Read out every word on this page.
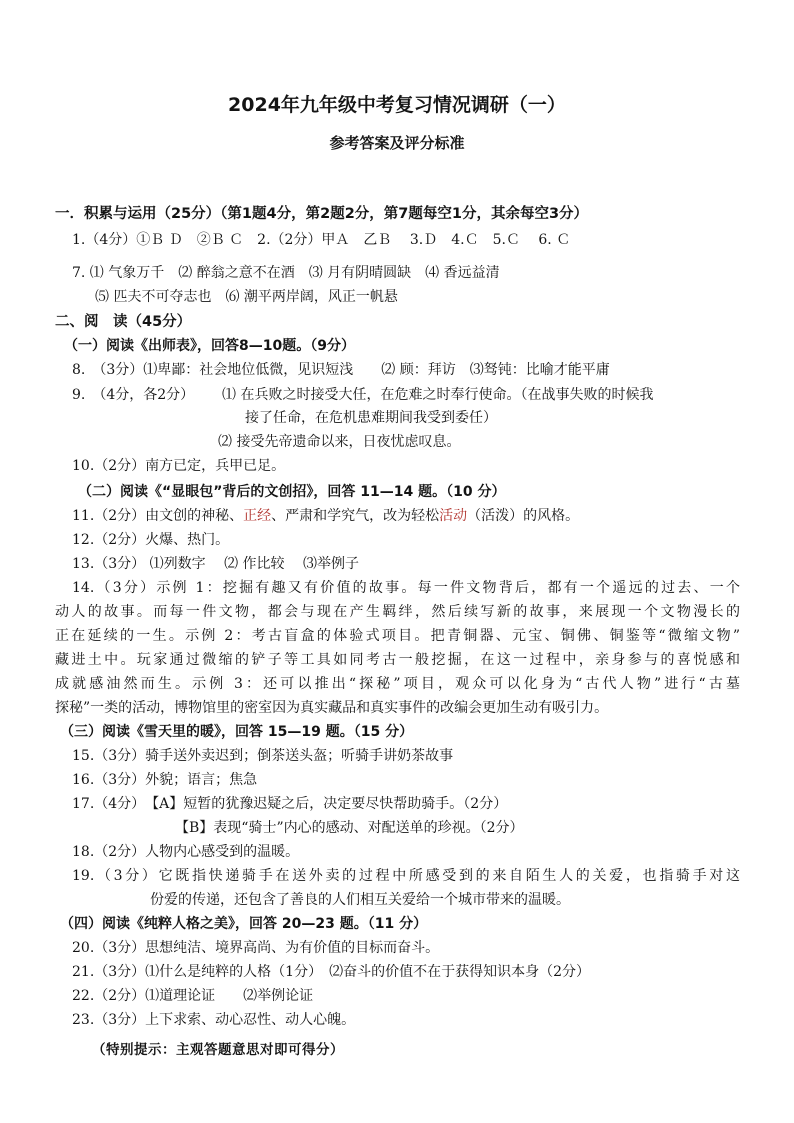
2024年九年级中考复习情况调研（一）
参考答案及评分标准
一．积累与运用（25分）（第1题4分，第2题2分，第7题每空1分，其余每空3分）
1.（4分）①Ｂ Ｄ　②Ｂ Ｃ　2.（2分）甲Ａ　乙Ｂ　 3.Ｄ　4.Ｃ　5.Ｃ　 6. Ｃ
7. ⑴ 气象万千　⑵ 醉翁之意不在酒　⑶ 月有阴晴圆缺　⑷ 香远益清
⑸ 匹夫不可夺志也　⑹ 潮平两岸阔，风正一帆悬
二、阅　读（45分）
（一）阅读《出师表》，回答8—10题。（9分）
8.　（3分）⑴卑鄙：社会地位低微，见识短浅　　⑵ 顾：拜访　⑶驽钝：比喻才能平庸
9.　（4分，各2分） ⑴ 在兵败之时接受大任，在危难之时奉行使命。（在战事失败的时候我
接了任命，在危机患难期间我受到委任）
⑵ 接受先帝遗命以来，日夜忧虑叹息。
10.（2分）南方已定，兵甲已足。
（二）阅读《“显眼包”背后的文创招》，回答 11—14 题。（10 分）
11.（2分）由文创的神秘、正经、严肃和学究气，改为轻松活动（活泼）的风格。
12.（2分）火爆、热门。
13.（3分） ⑴列数字　 ⑵ 作比较　 ⑶举例子
14.（3分）示例 1：挖掘有趣又有价值的故事。每一件文物背后，都有一个遥远的过去、一个
动人的故事。而每一件文物，都会与现在产生羁绊，然后续写新的故事，来展现一个文物漫长的
正在延续的一生。示例 2：考古盲盒的体验式项目。把青铜器、元宝、铜佛、铜鉴等“微缩文物”
藏进土中。玩家通过微缩的铲子等工具如同考古一般挖掘，在这一过程中，亲身参与的喜悦感和
成就感油然而生。示例 3：还可以推出“探秘”项目，观众可以化身为“古代人物”进行“古墓
探秘”一类的活动，博物馆里的密室因为真实藏品和真实事件的改编会更加生动有吸引力。
（三）阅读《雪天里的暖》，回答 15—19 题。（15 分）
15.（3分）骑手送外卖迟到；倒茶送头盔；听骑手讲奶茶故事
16.（3分）外貌；语言；焦急
17.（4分）　【A】短暂的犹豫迟疑之后，决定要尽快帮助骑手。（2分）
【B】表现“骑士”内心的感动、对配送单的珍视。（2分）
18.（2分）人物内心感受到的温暖。
19.（3分）它既指快递骑手在送外卖的过程中所感受到的来自陌生人的关爱，也指骑手对这
份爱的传递，还包含了善良的人们相互关爱给一个城市带来的温暖。
（四）阅读《纯粹人格之美》，回答 20—23 题。（11 分）
20.（3分）思想纯洁、境界高尚、为有价值的目标而奋斗。
21.（3分）⑴什么是纯粹的人格（1分）　⑵奋斗的价值不在于获得知识本身（2分）
22.（2分）⑴道理论证　　⑵举例论证
23.（3分）上下求索、动心忍性、动人心魄。
（特别提示：主观答题意思对即可得分）
